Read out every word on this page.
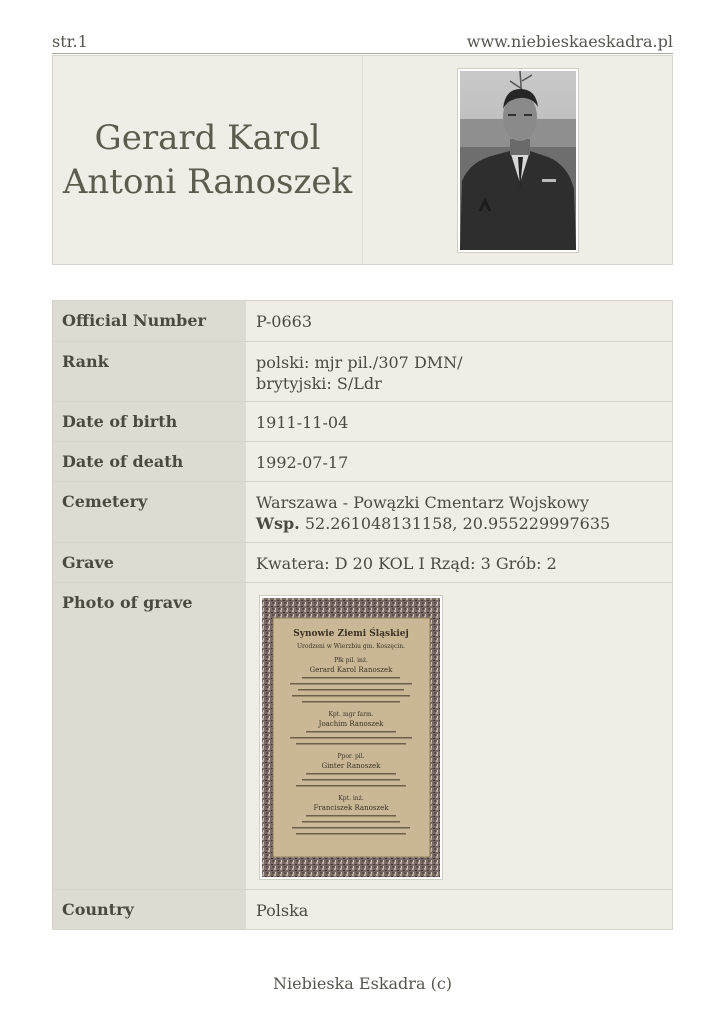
str.1	www.niebieskaeskadra.pl
Gerard Karol
Antoni Ranoszek
Official Number	P-0663
Rank	polski: mjr pil./307 DMN/
brytyjski: S/Ldr
Date of birth	1911-11-04
Date of death	1992-07-17
Cemetery	Warszawa - Powązki Cmentarz Wojskowy
Wsp. 52.261048131158, 20.955229997635
Grave	Kwatera: D 20 KOL I Rząd: 3 Grób: 2
Photo of grave
Synowie Ziemi Śląskiej
Urodzeni w Wierzbiu gm. Koszęcin.
Płk pil. inż.
Gerard Karol Ranoszek
Kpt. mgr farm.
Joachim Ranoszek
Ppor. pil.
Ginter Ranoszek
Kpt. inż.
Franciszek Ranoszek
Country	Polska
Niebieska Eskadra (c)
